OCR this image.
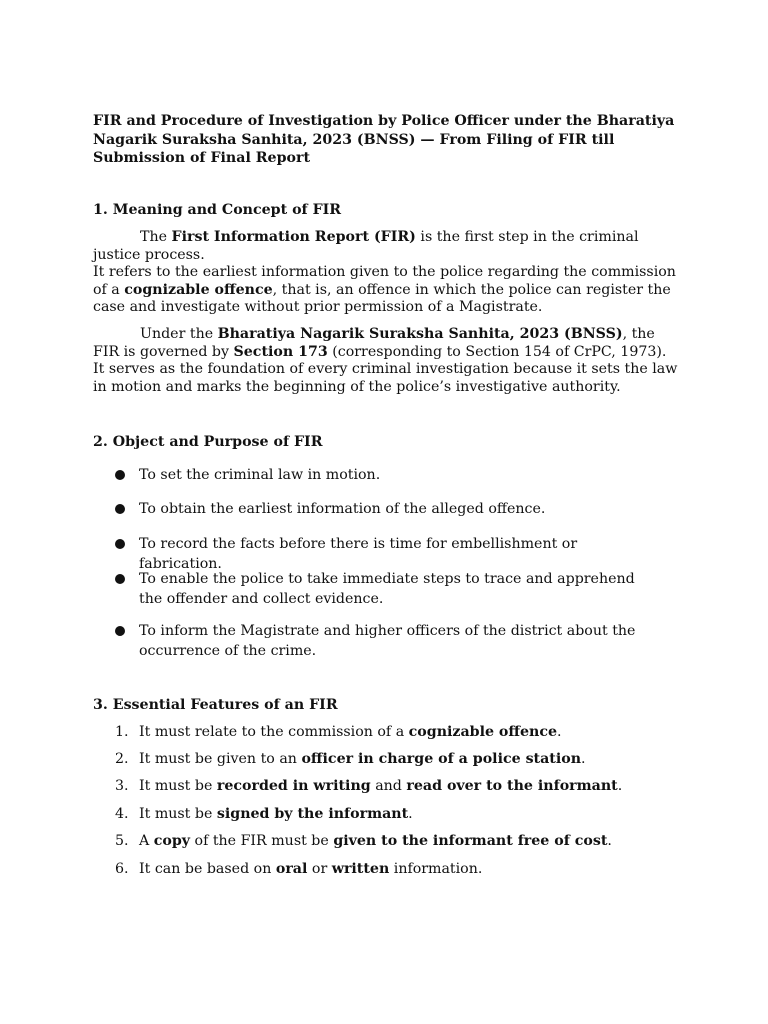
FIR and Procedure of Investigation by Police Officer under the Bharatiya Nagarik Suraksha Sanhita, 2023 (BNSS) — From Filing of FIR till Submission of Final Report
1. Meaning and Concept of FIR

The First Information Report (FIR) is the first step in the criminal justice process.

It refers to the earliest information given to the police regarding the commission of a cognizable offence, that is, an offence in which the police can register the case and investigate without prior permission of a Magistrate.

Under the Bharatiya Nagarik Suraksha Sanhita, 2023 (BNSS), the FIR is governed by Section 173 (corresponding to Section 154 of CrPC, 1973).

It serves as the foundation of every criminal investigation because it sets the law in motion and marks the beginning of the police’s investigative authority.

2. Object and Purpose of FIR
To set the criminal law in motion.
To obtain the earliest information of the alleged offence.
To record the facts before there is time for embellishment or fabrication.
To enable the police to take immediate steps to trace and apprehend the offender and collect evidence.
To inform the Magistrate and higher officers of the district about the occurrence of the crime.
3. Essential Features of an FIR
1. It must relate to the commission of a cognizable offence.
2. It must be given to an officer in charge of a police station.
3. It must be recorded in writing and read over to the informant.
4. It must be signed by the informant.
5. A copy of the FIR must be given to the informant free of cost.
6. It can be based on oral or written information.
